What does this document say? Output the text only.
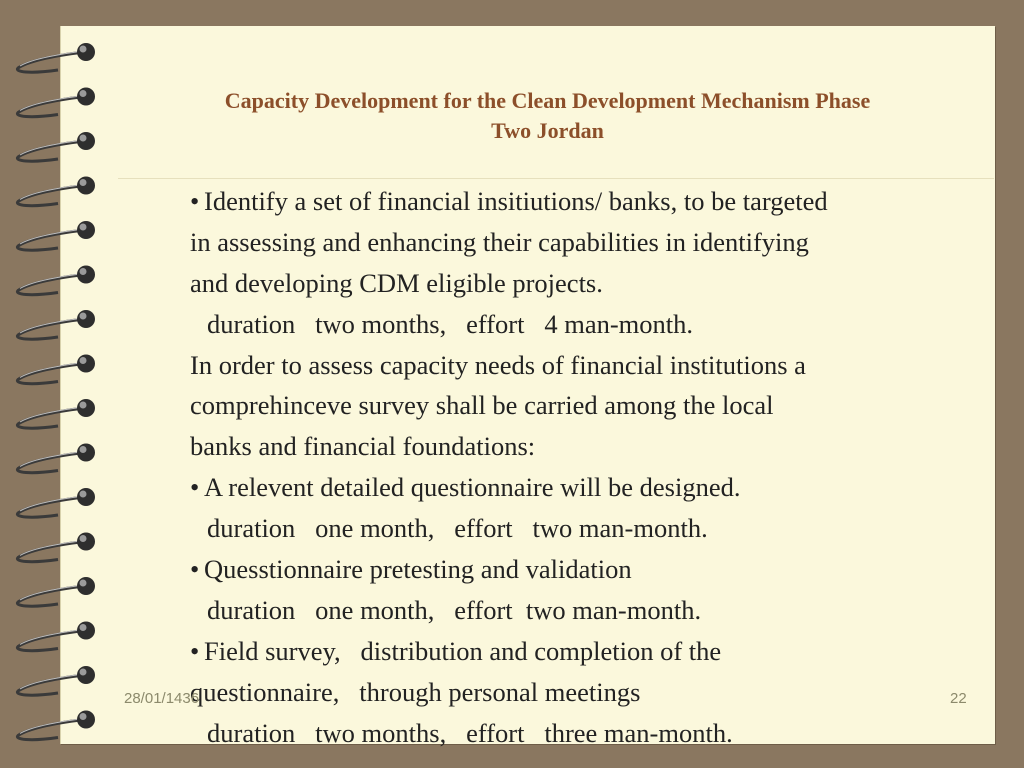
Capacity Development for the Clean Development Mechanism Phase
Two Jordan
• Identify a set of financial insitiutions/ banks, to be targeted
in assessing and enhancing their capabilities in identifying
and developing CDM eligible projects.
duration   two months,   effort   4 man-month.
In order to assess capacity needs of financial institutions a
comprehinceve survey shall be carried among the local
banks and financial foundations:
• A relevent detailed questionnaire will be designed.
duration   one month,   effort   two man-month.
• Quesstionnaire pretesting and validation
duration   one month,   effort  two man-month.
• Field survey,   distribution and completion of the
questionnaire,   through personal meetings
duration   two months,   effort   three man-month.
28/01/1436	22
